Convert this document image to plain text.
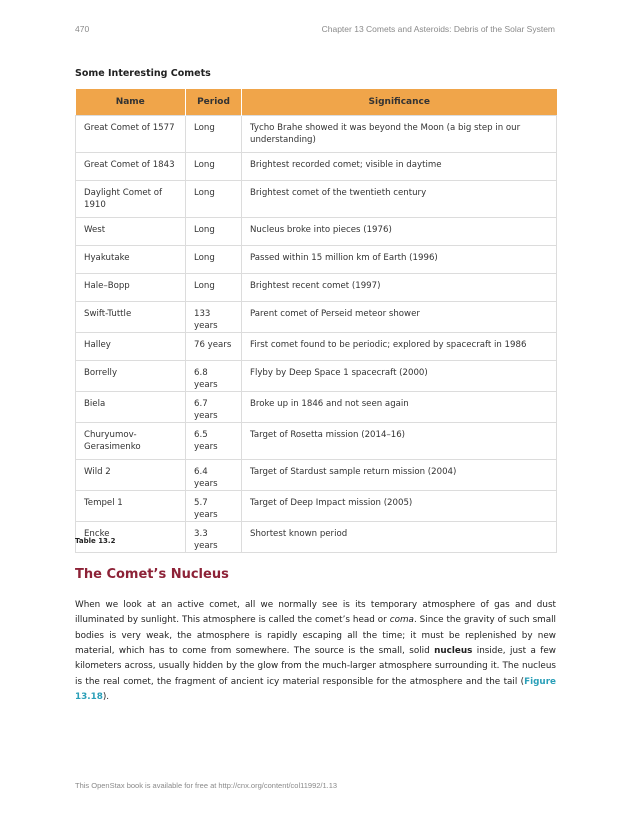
470	Chapter 13 Comets and Asteroids: Debris of the Solar System
Some Interesting Comets
Name	Period	Significance
Great Comet of 1577	Long	Tycho Brahe showed it was beyond the Moon (a big step in our understanding)
Great Comet of 1843	Long	Brightest recorded comet; visible in daytime
Daylight Comet of 1910	Long	Brightest comet of the twentieth century
West	Long	Nucleus broke into pieces (1976)
Hyakutake	Long	Passed within 15 million km of Earth (1996)
Hale–Bopp	Long	Brightest recent comet (1997)
Swift-Tuttle	133 years	Parent comet of Perseid meteor shower
Halley	76 years	First comet found to be periodic; explored by spacecraft in 1986
Borrelly	6.8 years	Flyby by Deep Space 1 spacecraft (2000)
Biela	6.7 years	Broke up in 1846 and not seen again
Churyumov-Gerasimenko	6.5 years	Target of Rosetta mission (2014–16)
Wild 2	6.4 years	Target of Stardust sample return mission (2004)
Tempel 1	5.7 years	Target of Deep Impact mission (2005)
Encke	3.3 years	Shortest known period
Table 13.2
The Comet’s Nucleus

When we look at an active comet, all we normally see is its temporary atmosphere of gas and dust illuminated by sunlight. This atmosphere is called the comet’s head or coma. Since the gravity of such small bodies is very weak, the atmosphere is rapidly escaping all the time; it must be replenished by new material, which has to come from somewhere. The source is the small, solid nucleus inside, just a few kilometers across, usually hidden by the glow from the much-larger atmosphere surrounding it. The nucleus is the real comet, the fragment of ancient icy material responsible for the atmosphere and the tail (Figure 13.18).

This OpenStax book is available for free at http://cnx.org/content/col11992/1.13
